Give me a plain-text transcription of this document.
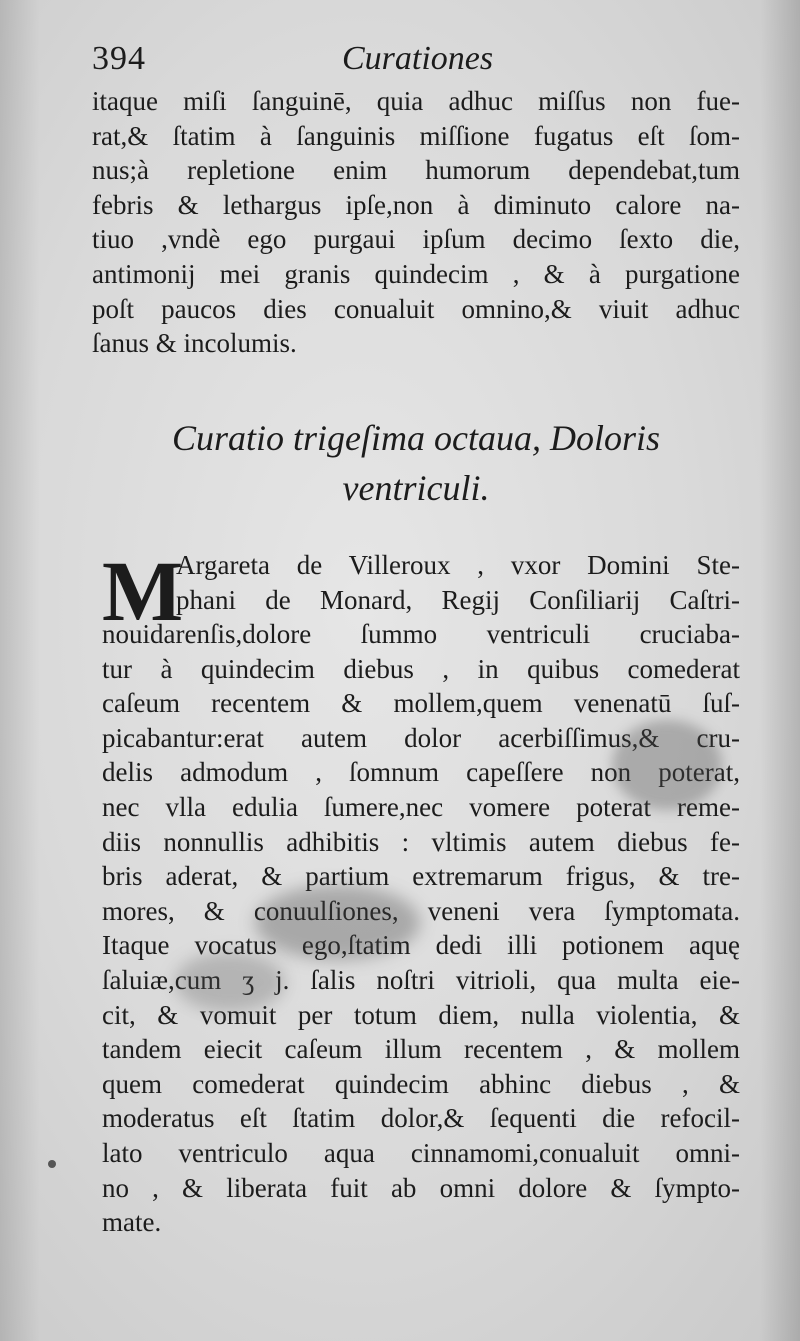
394	Curationes
itaque miſi ſanguinē, quia adhuc miſſus non fue-
rat,& ſtatim à ſanguinis miſſione fugatus eſt ſom-
nus;à repletione enim humorum dependebat,tum
febris & lethargus ipſe,non à diminuto calore na-
tiuo ,vndè ego purgaui ipſum decimo ſexto die,
antimonij mei granis quindecim , & à purgatione
poſt paucos dies conualuit omnino,& viuit adhuc
ſanus & incolumis.
Curatio trigeſima octaua, Doloris
ventriculi.
M
Argareta de Villeroux , vxor Domini Ste-
phani de Monard, Regij Conſiliarij Caſtri-
nouidarenſis,dolore ſummo ventriculi cruciaba-
tur à quindecim diebus , in quibus comederat
caſeum recentem & mollem,quem venenatū ſuſ-
picabantur:erat autem dolor acerbiſſimus,& cru-
delis admodum , ſomnum capeſſere non poterat,
nec vlla edulia ſumere,nec vomere poterat reme-
diis nonnullis adhibitis : vltimis autem diebus fe-
bris aderat, & partium extremarum frigus, & tre-
mores, & conuulſiones, veneni vera ſymptomata.
Itaque vocatus ego,ſtatim dedi illi potionem aquę
ſaluiæ,cum ʒ j. ſalis noſtri vitrioli, qua multa eie-
cit, & vomuit per totum diem, nulla violentia, &
tandem eiecit caſeum illum recentem , & mollem
quem comederat quindecim abhinc diebus , &
moderatus eſt ſtatim dolor,& ſequenti die refocil-
lato ventriculo aqua cinnamomi,conualuit omni-
no , & liberata fuit ab omni dolore & ſympto-
mate.
